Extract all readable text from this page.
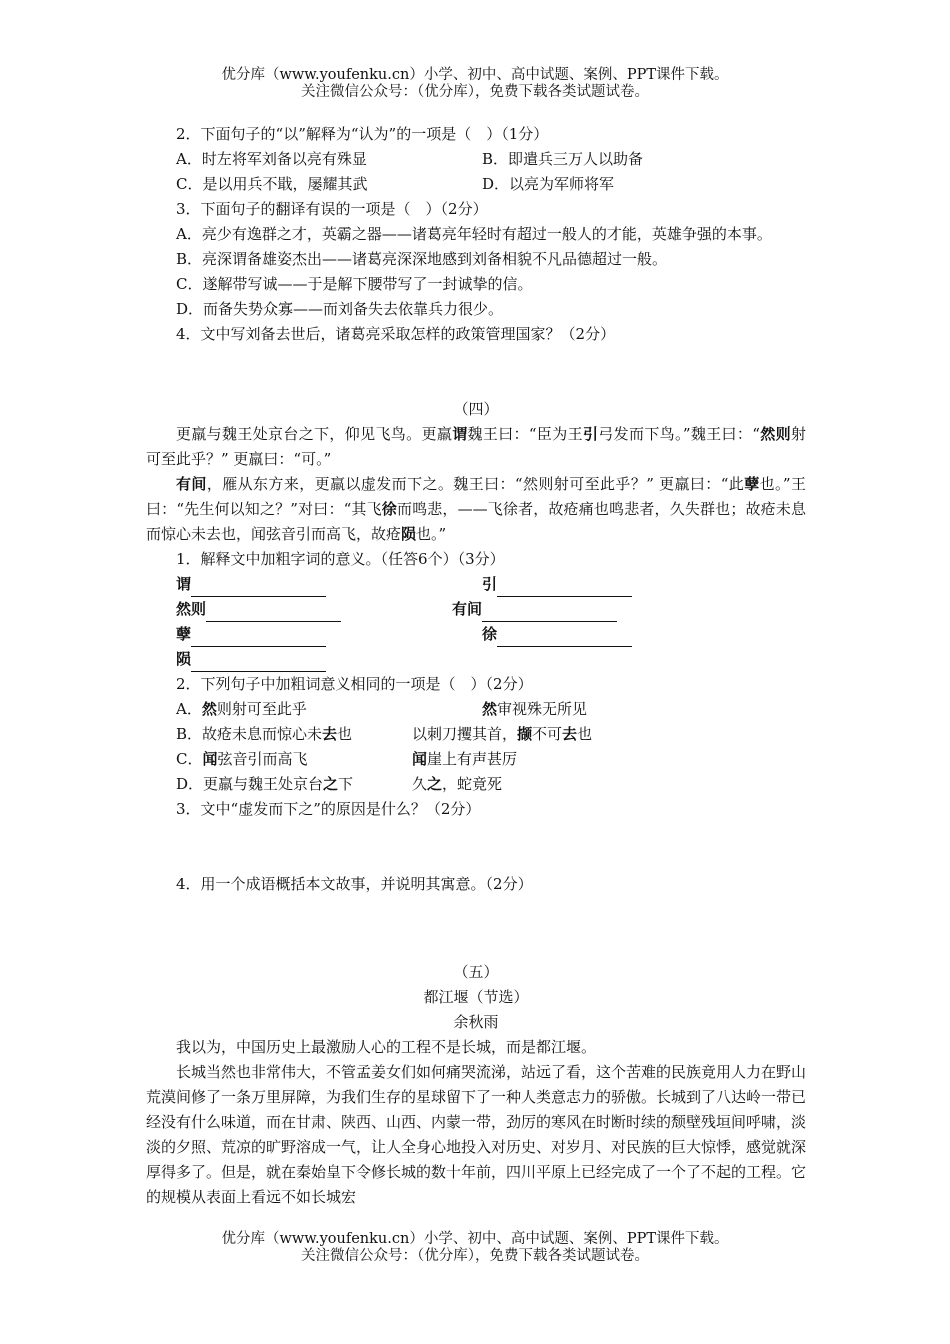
优分库（www.youfenku.cn）小学、初中、高中试题、案例、PPT课件下载。
关注微信公众号：（优分库），免费下载各类试题试卷。

2．下面句子的“以”解释为“认为”的一项是（　）（1分）

A．时左将军刘备以亮有殊显	B．即遣兵三万人以助备
C．是以用兵不戢，屡耀其武	D．以亮为军师将军

3．下面句子的翻译有误的一项是（　）（2分）

A．亮少有逸群之才，英霸之器——诸葛亮年轻时有超过一般人的才能，英雄争强的本事。

B．亮深谓备雄姿杰出——诸葛亮深深地感到刘备相貌不凡品德超过一般。

C．遂解带写诚——于是解下腰带写了一封诚挚的信。

D．而备失势众寡——而刘备失去依靠兵力很少。

4．文中写刘备去世后，诸葛亮采取怎样的政策管理国家？（2分）

（四）

更羸与魏王处京台之下，仰见飞鸟。更羸谓魏王曰：“臣为王引弓发而下鸟。”魏王曰：“然则射可至此乎？” 更羸曰：“可。”

有间，雁从东方来，更羸以虚发而下之。魏王曰：“然则射可至此乎？” 更羸曰：“此孽也。”王曰：“先生何以知之？”对曰：“其飞徐而鸣悲，——飞徐者，故疮痛也鸣悲者，久失群也；故疮未息而惊心未去也，闻弦音引而高飞，故疮陨也。”

1．解释文中加粗字词的意义。（任答6个）（3分）

谓	引
然则	有间
孽	徐
陨

2．下列句子中加粗词意义相同的一项是（　）（2分）

A．然则射可至此乎	然审视殊无所见
B．故疮未息而惊心未去也	以刺刀攫其首，撷不可去也
C．闻弦音引而高飞	闻崖上有声甚厉
D．更羸与魏王处京台之下	久之，蛇竟死

3．文中“虚发而下之”的原因是什么？（2分）

4．用一个成语概括本文故事，并说明其寓意。（2分）

（五）

都江堰（节选）

余秋雨

我以为，中国历史上最激励人心的工程不是长城，而是都江堰。

长城当然也非常伟大，不管孟姜女们如何痛哭流涕，站远了看，这个苦难的民族竟用人力在野山荒漠间修了一条万里屏障，为我们生存的星球留下了一种人类意志力的骄傲。长城到了八达岭一带已经没有什么味道，而在甘肃、陕西、山西、内蒙一带，劲厉的寒风在时断时续的颓壁残垣间呼啸，淡淡的夕照、荒凉的旷野溶成一气，让人全身心地投入对历史、对岁月、对民族的巨大惊悸，感觉就深厚得多了。但是，就在秦始皇下令修长城的数十年前，四川平原上已经完成了一个了不起的工程。它的规模从表面上看远不如长城宏

优分库（www.youfenku.cn）小学、初中、高中试题、案例、PPT课件下载。
关注微信公众号：（优分库），免费下载各类试题试卷。
